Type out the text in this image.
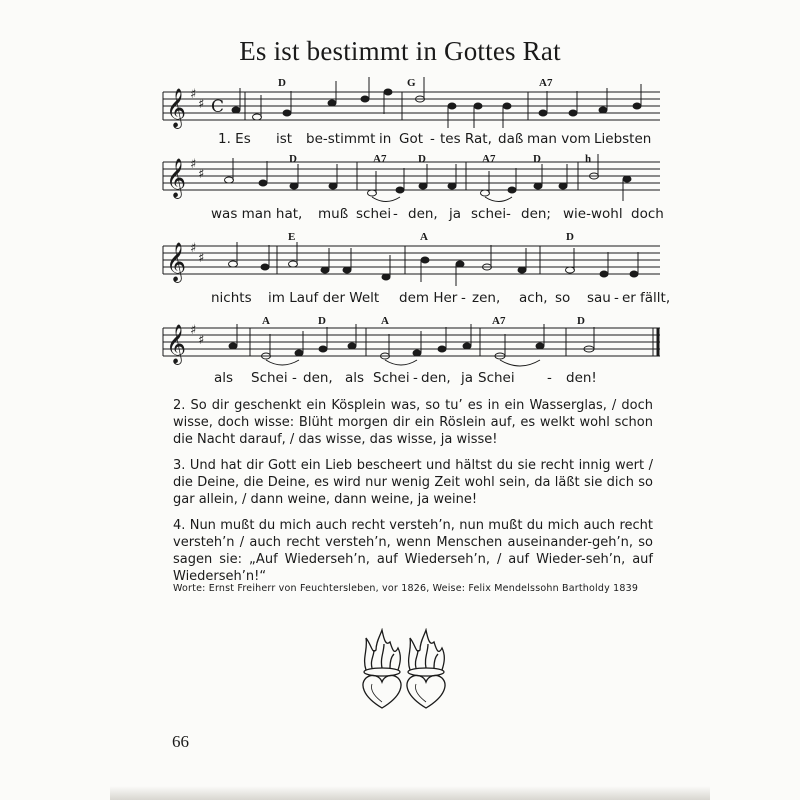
Es ist bestimmt in Gottes Rat
𝄞
𝄞
𝄞
𝄞
♯
♯
♯
♯
♯
♯
♯
♯
C
D	G	A7
D	A7	D	A7	D	h
E	A	D
A	D	A	A7	D
1. Es ist be-stimmt in Got - tes Rat, daß man vom Liebsten
was man hat, muß schei - den, ja schei - den; wie-wohl doch
nichts im Lauf der Welt dem Her - zen, ach, so sau - er fällt,
als Schei - den, als Schei - den, ja Schei - den!

2. So dir geschenkt ein Kösplein was, so tu’ es in ein Wasserglas, / doch wisse, doch wisse: Blüht morgen dir ein Röslein auf, es welkt wohl schon die Nacht darauf, / das wisse, das wisse, ja wisse!

3. Und hat dir Gott ein Lieb bescheert und hältst du sie recht innig wert / die Deine, die Deine, es wird nur wenig Zeit wohl sein, da läßt sie dich so gar allein, / dann weine, dann weine, ja weine!

4. Nun mußt du mich auch recht versteh’n, nun mußt du mich auch recht versteh’n / auch recht versteh’n, wenn Menschen auseinander-geh’n, so sagen sie: „Auf Wiederseh’n, auf Wiederseh’n, / auf Wieder-seh’n, auf Wiederseh’n!“

Worte: Ernst Freiherr von Feuchtersleben, vor 1826, Weise: Felix Mendelssohn Bartholdy 1839
66
